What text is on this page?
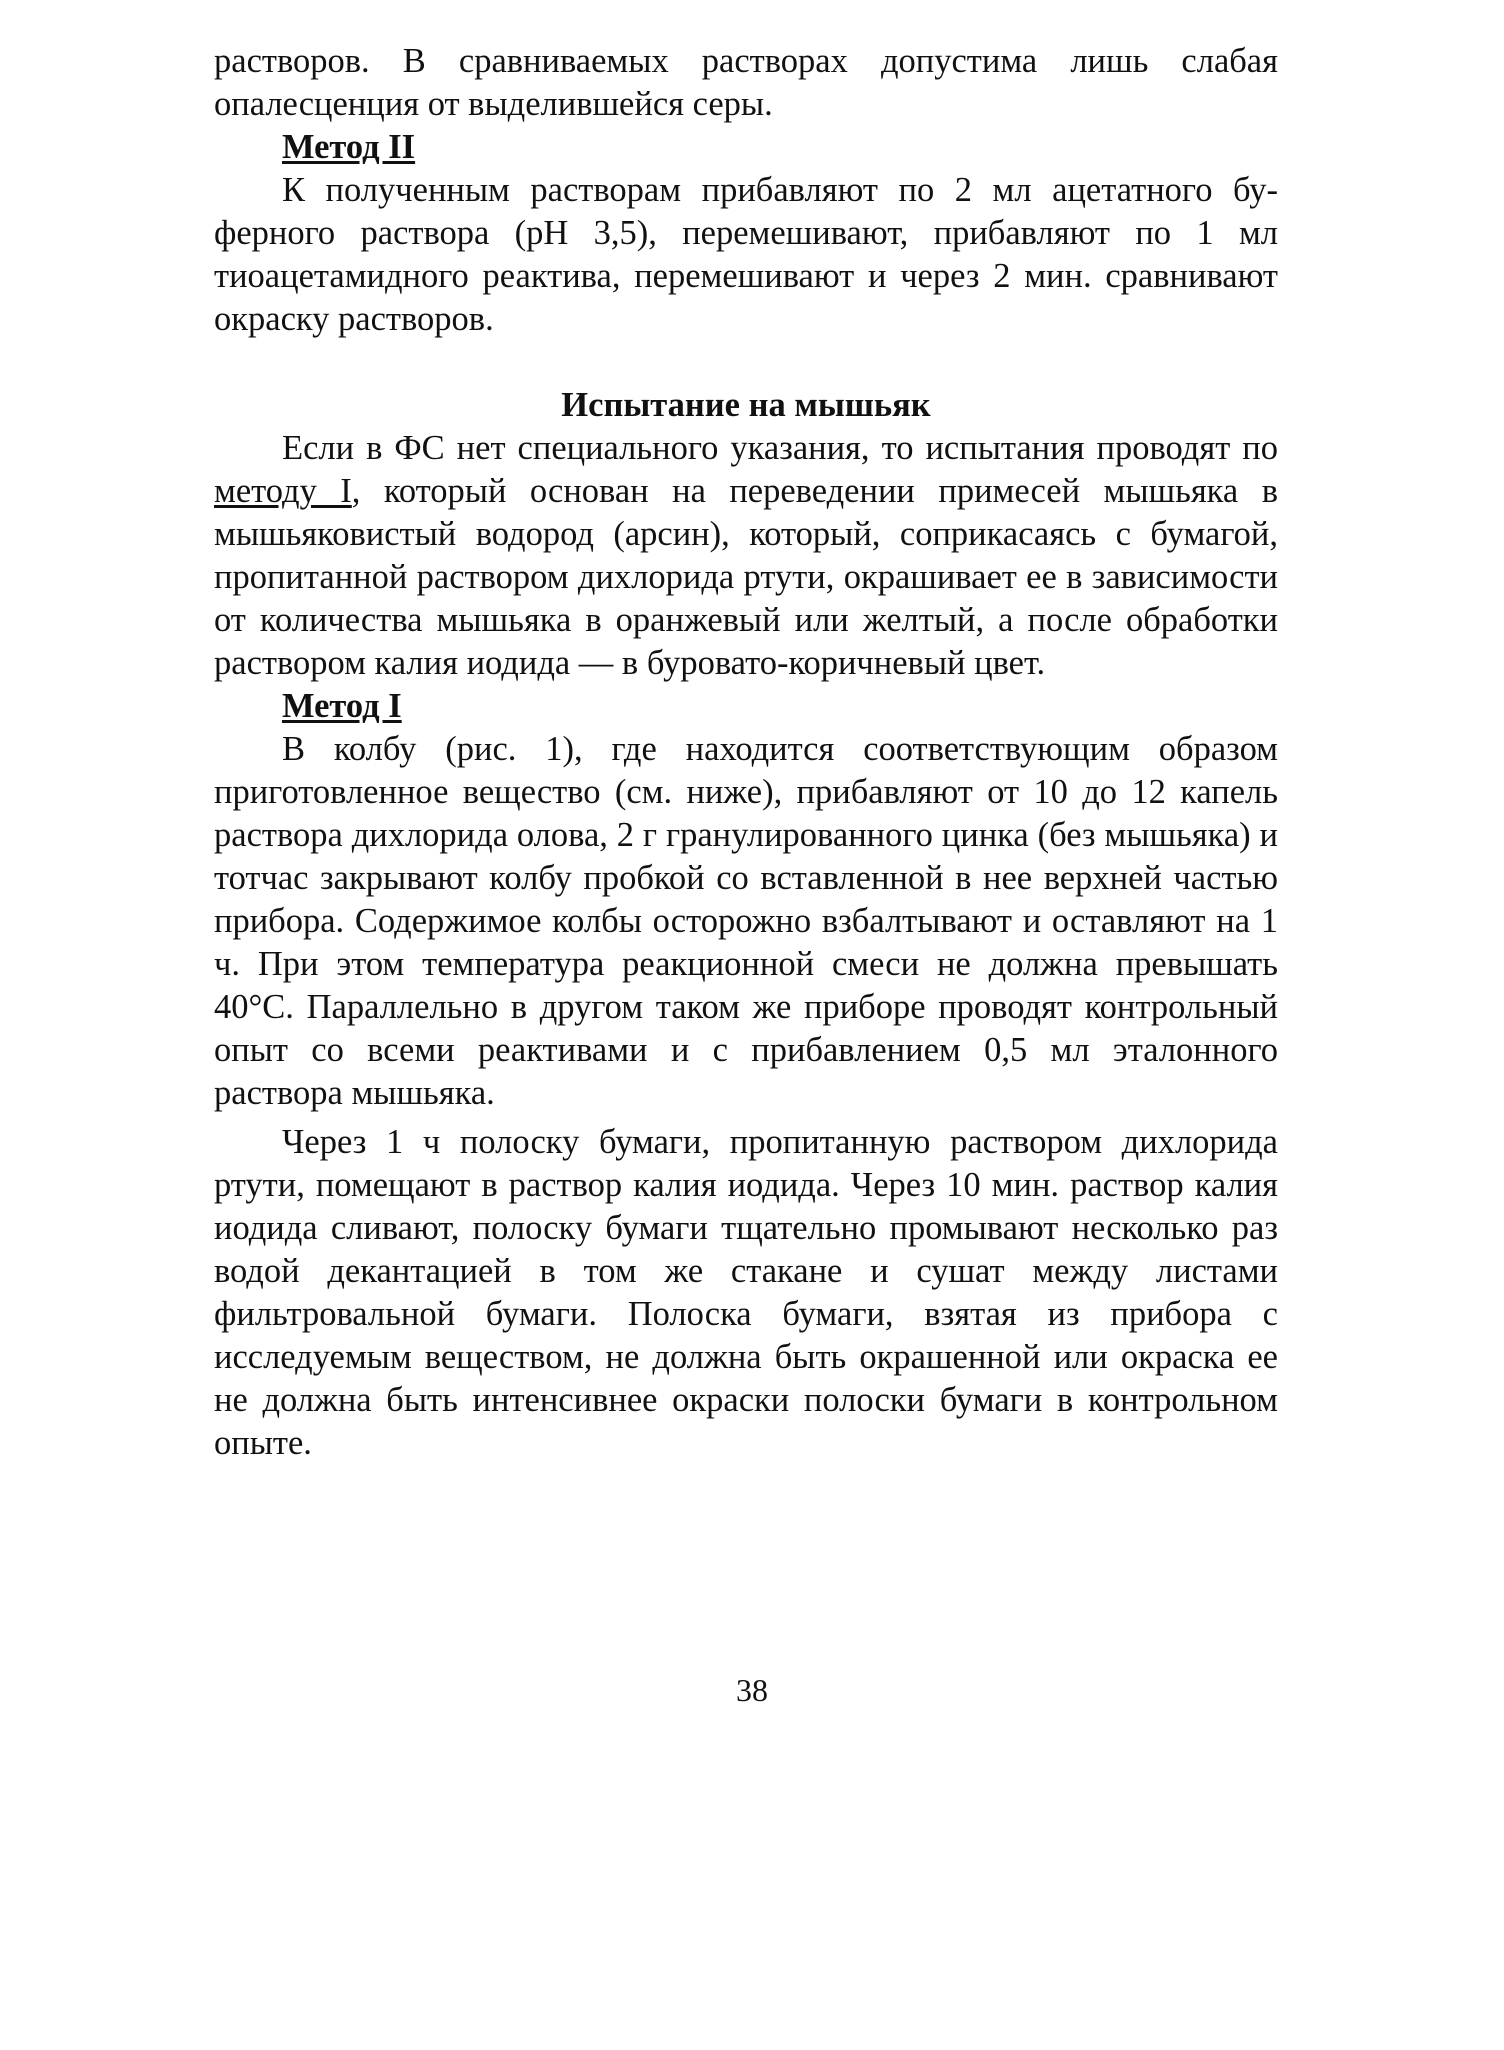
растворов. В сравниваемых растворах допустима лишь слабая опалесценция от выделившейся серы.

Метод II

К полученным растворам прибавляют по 2 мл ацетатного буферного раствора (рН 3,5), перемешивают, прибавляют по 1 мл тиоацетамидного реактива, перемешивают и через 2 мин. сравнивают окраску растворов.

Испытание на мышьяк

Если в ФС нет специального указания, то испытания проводят по методу I, который основан на переведении примесей мышьяка в мышьяковистый водород (арсин), который, соприкасаясь с бумагой, пропитанной раствором дихлорида ртути, окрашивает ее в зависимости от количества мышьяка в оранжевый или желтый, а после обработки раствором калия иодида — в буровато-коричневый цвет.

Метод I

В колбу (рис. 1), где находится соответствующим образом приготовленное вещество (см. ниже), прибавляют от 10 до 12 капель раствора дихлорида олова, 2 г гранулированного цинка (без мышьяка) и тотчас закрывают колбу пробкой со вставленной в нее верхней частью прибора. Содержимое колбы осторожно взбалтывают и оставляют на 1 ч. При этом температура реакционной смеси не должна превышать 40°С. Параллельно в другом таком же приборе проводят контрольный опыт со всеми реактивами и с прибавлением 0,5 мл эталонного раствора мышьяка.

Через 1 ч полоску бумаги, пропитанную раствором дихлорида ртути, помещают в раствор калия иодида. Через 10 мин. раствор калия иодида сливают, полоску бумаги тщательно промывают несколько раз водой декантацией в том же стакане и сушат между листами фильтровальной бумаги. Полоска бумаги, взятая из прибора с исследуемым веществом, не должна быть окрашенной или окраска ее не должна быть интенсивнее окраски полоски бумаги в контрольном опыте.

38
